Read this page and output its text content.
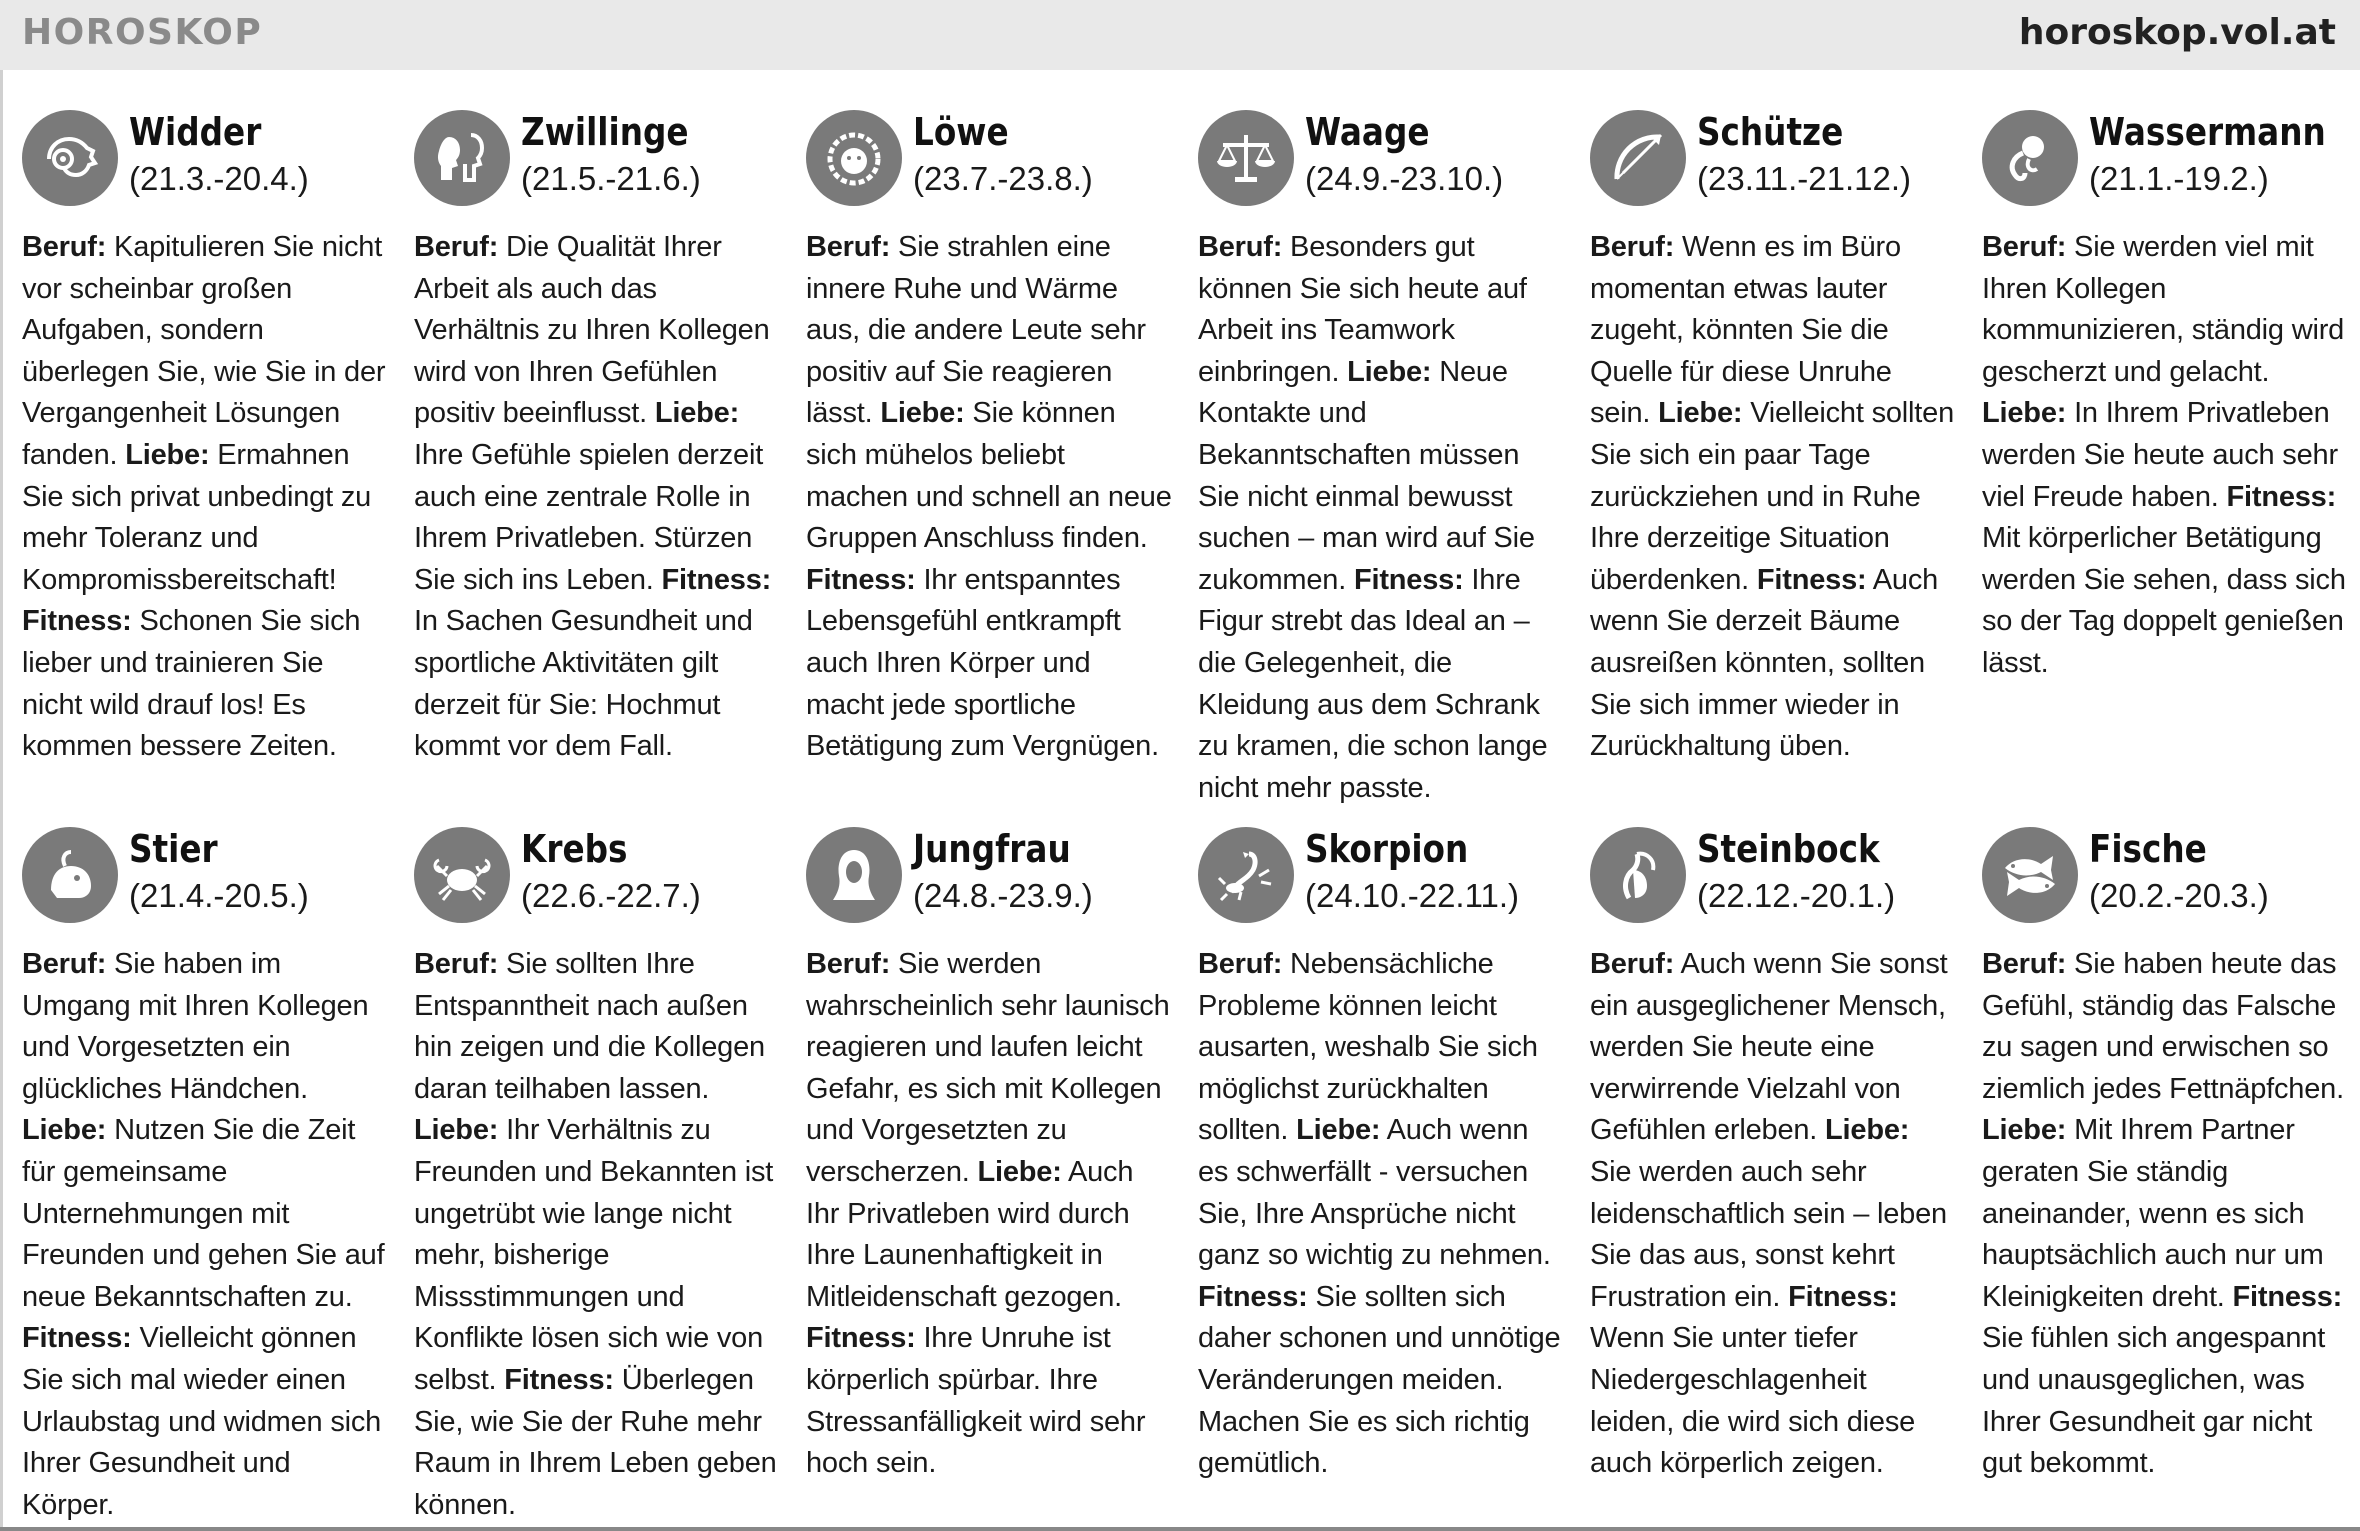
HOROSKOP	horoskop.vol.at
Widder
(21.3.-20.4.)
Beruf: Kapitulieren Sie nicht vor scheinbar großen Aufgaben, sondern überlegen Sie, wie Sie in der Vergangenheit Lösungen fanden. Liebe: Ermahnen Sie sich privat unbedingt zu mehr Toleranz und Kompromissbereitschaft! Fitness: Schonen Sie sich lieber und trainieren Sie nicht wild drauf los! Es kommen bessere Zeiten.
Zwillinge
(21.5.-21.6.)
Beruf: Die Qualität Ihrer Arbeit als auch das Verhältnis zu Ihren Kollegen wird von Ihren Gefühlen positiv beeinflusst. Liebe: Ihre Gefühle spielen derzeit auch eine zentrale Rolle in Ihrem Privatleben. Stürzen Sie sich ins Leben. Fitness: In Sachen Gesundheit und sportliche Aktivitäten gilt derzeit für Sie: Hochmut kommt vor dem Fall.
Löwe
(23.7.-23.8.)
Beruf: Sie strahlen eine innere Ruhe und Wärme aus, die andere Leute sehr positiv auf Sie reagieren lässt. Liebe: Sie können sich mühelos beliebt machen und schnell an neue Gruppen Anschluss finden. Fitness: Ihr entspanntes Lebensgefühl entkrampft auch Ihren Körper und macht jede sportliche Betätigung zum Vergnügen.
Waage
(24.9.-23.10.)
Beruf: Besonders gut können Sie sich heute auf Arbeit ins Teamwork einbringen. Liebe: Neue Kontakte und Bekanntschaften müssen Sie nicht einmal bewusst suchen – man wird auf Sie zukommen. Fitness: Ihre Figur strebt das Ideal an – die Gelegenheit, die Kleidung aus dem Schrank zu kramen, die schon lange nicht mehr passte.
Schütze
(23.11.-21.12.)
Beruf: Wenn es im Büro momentan etwas lauter zugeht, könnten Sie die Quelle für diese Unruhe sein. Liebe: Vielleicht sollten Sie sich ein paar Tage zurückziehen und in Ruhe Ihre derzeitige Situation überdenken. Fitness: Auch wenn Sie derzeit Bäume ausreißen könnten, sollten Sie sich immer wieder in Zurückhaltung üben.
Wassermann
(21.1.-19.2.)
Beruf: Sie werden viel mit Ihren Kollegen kommunizieren, ständig wird gescherzt und gelacht. Liebe: In Ihrem Privatleben werden Sie heute auch sehr viel Freude haben. Fitness: Mit körperlicher Betätigung werden Sie sehen, dass sich so der Tag doppelt genießen lässt.
Stier
(21.4.-20.5.)
Beruf: Sie haben im Umgang mit Ihren Kollegen und Vorgesetzten ein glückliches Händchen. Liebe: Nutzen Sie die Zeit für gemeinsame Unternehmungen mit Freunden und gehen Sie auf neue Bekanntschaften zu. Fitness: Vielleicht gönnen Sie sich mal wieder einen Urlaubstag und widmen sich Ihrer Gesundheit und Körper.
Krebs
(22.6.-22.7.)
Beruf: Sie sollten Ihre Entspanntheit nach außen hin zeigen und die Kollegen daran teilhaben lassen. Liebe: Ihr Verhältnis zu Freunden und Bekannten ist ungetrübt wie lange nicht mehr, bisherige Missstimmungen und Konflikte lösen sich wie von selbst. Fitness: Überlegen Sie, wie Sie der Ruhe mehr Raum in Ihrem Leben geben können.
Jungfrau
(24.8.-23.9.)
Beruf: Sie werden wahrscheinlich sehr launisch reagieren und laufen leicht Gefahr, es sich mit Kollegen und Vorgesetzten zu verscherzen. Liebe: Auch Ihr Privatleben wird durch Ihre Launenhaftigkeit in Mitleidenschaft gezogen. Fitness: Ihre Unruhe ist körperlich spürbar. Ihre Stressanfälligkeit wird sehr hoch sein.
Skorpion
(24.10.-22.11.)
Beruf: Nebensächliche Probleme können leicht ausarten, weshalb Sie sich möglichst zurückhalten sollten. Liebe: Auch wenn es schwerfällt - versuchen Sie, Ihre Ansprüche nicht ganz so wichtig zu nehmen. Fitness: Sie sollten sich daher schonen und unnötige Veränderungen meiden. Machen Sie es sich richtig gemütlich.
Steinbock
(22.12.-20.1.)
Beruf: Auch wenn Sie sonst ein ausgeglichener Mensch, werden Sie heute eine verwirrende Vielzahl von Gefühlen erleben. Liebe: Sie werden auch sehr leidenschaftlich sein – leben Sie das aus, sonst kehrt Frustration ein. Fitness: Wenn Sie unter tiefer Niedergeschlagenheit leiden, die wird sich diese auch körperlich zeigen.
Fische
(20.2.-20.3.)
Beruf: Sie haben heute das Gefühl, ständig das Falsche zu sagen und erwischen so ziemlich jedes Fettnäpfchen. Liebe: Mit Ihrem Partner geraten Sie ständig aneinander, wenn es sich hauptsächlich auch nur um Kleinigkeiten dreht. Fitness: Sie fühlen sich angespannt und unausgeglichen, was Ihrer Gesundheit gar nicht gut bekommt.
